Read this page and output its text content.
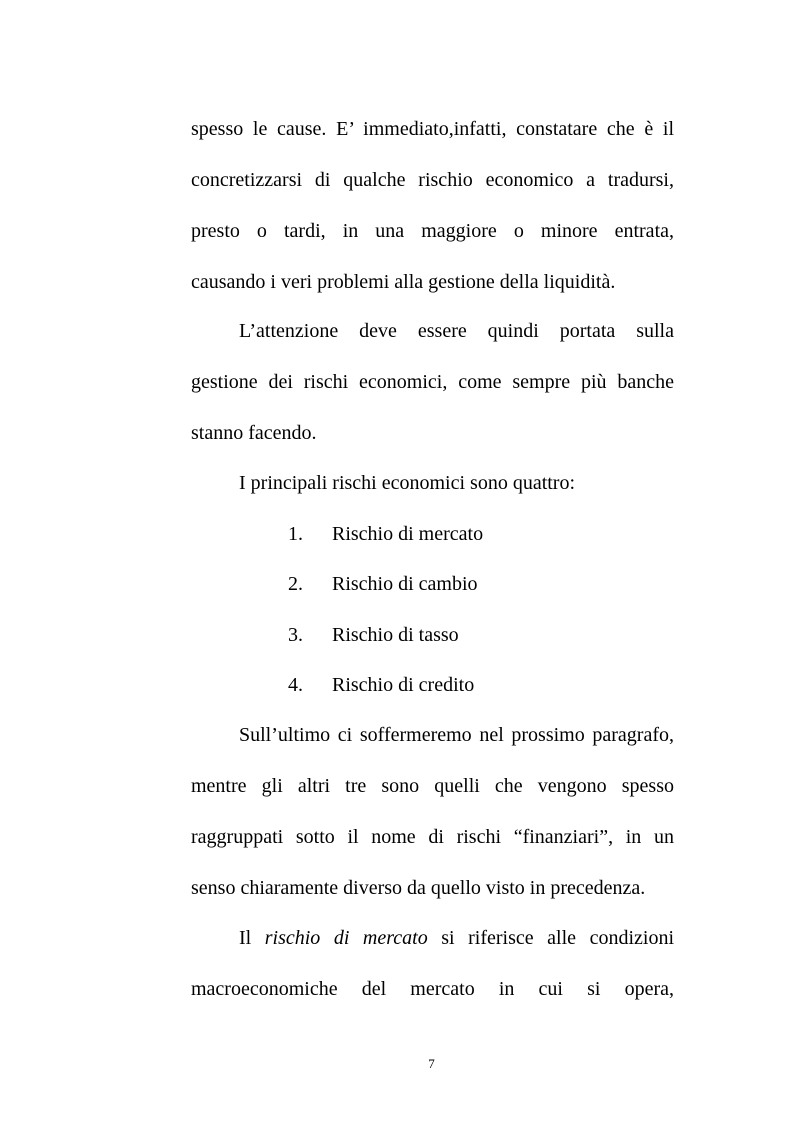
spesso le cause. E’ immediato,infatti, constatare che è il
concretizzarsi di qualche rischio economico a tradursi,
presto o tardi, in una maggiore o minore entrata,
causando i veri problemi alla gestione della liquidità.
L’attenzione deve essere quindi portata sulla
gestione dei rischi economici, come sempre più banche
stanno facendo.
I principali rischi economici sono quattro:
1. Rischio di mercato
2. Rischio di cambio
3. Rischio di tasso
4. Rischio di credito
Sull’ultimo ci soffermeremo nel prossimo paragrafo,
mentre gli altri tre sono quelli che vengono spesso
raggruppati sotto il nome di rischi “finanziari”, in un
senso chiaramente diverso da quello visto in precedenza.
Il rischio di mercato si riferisce alle condizioni
macroeconomiche del mercato in cui si opera,
7
